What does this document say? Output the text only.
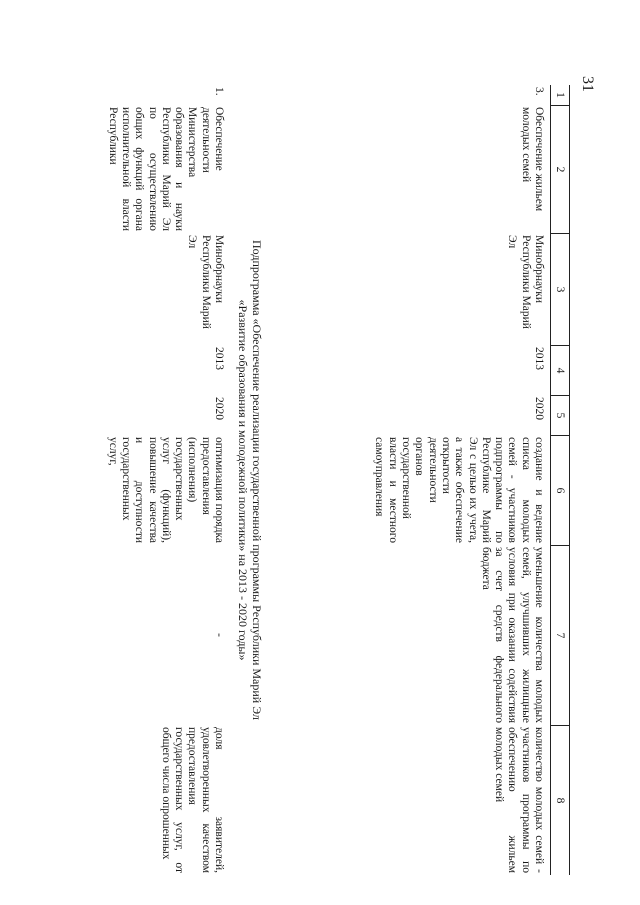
31
1
2
3
4
5
6
7
8
3.
Обеспечение жильем молодых семей
Минобрнауки Республики Марий Эл
2013
2020
создание и ведение списка молодых семей - участников подпрограммы по Республике Марий Эл с целью их учета, а также обеспечение открытости деятельности органов государственной власти и местного самоуправления
уменьшение количества молодых семей, улучшивших жилищные условия при оказании содействия за счет средств федерального бюджета
количество молодых семей - участников программы по обеспечению жильем молодых семей
Подпрограмма «Обеспечение реализации государственной программы Республики Марий Эл
«Развитие образования и молодежной политики» на 2013 - 2020 годы»
1.
Обеспечение деятельности Министерства образования и науки Республики Марий Эл по осуществлению общих функций органа исполнительной власти Республики
Минобрнауки Республики Марий Эл
2013
2020
оптимизация порядка предоставления (исполнения) государственных услуг (функций), повышение качества и доступности государственных услуг,
-
доля заявителей, удовлетворенных качеством предоставления государственных услуг, от общего числа опрошенных
